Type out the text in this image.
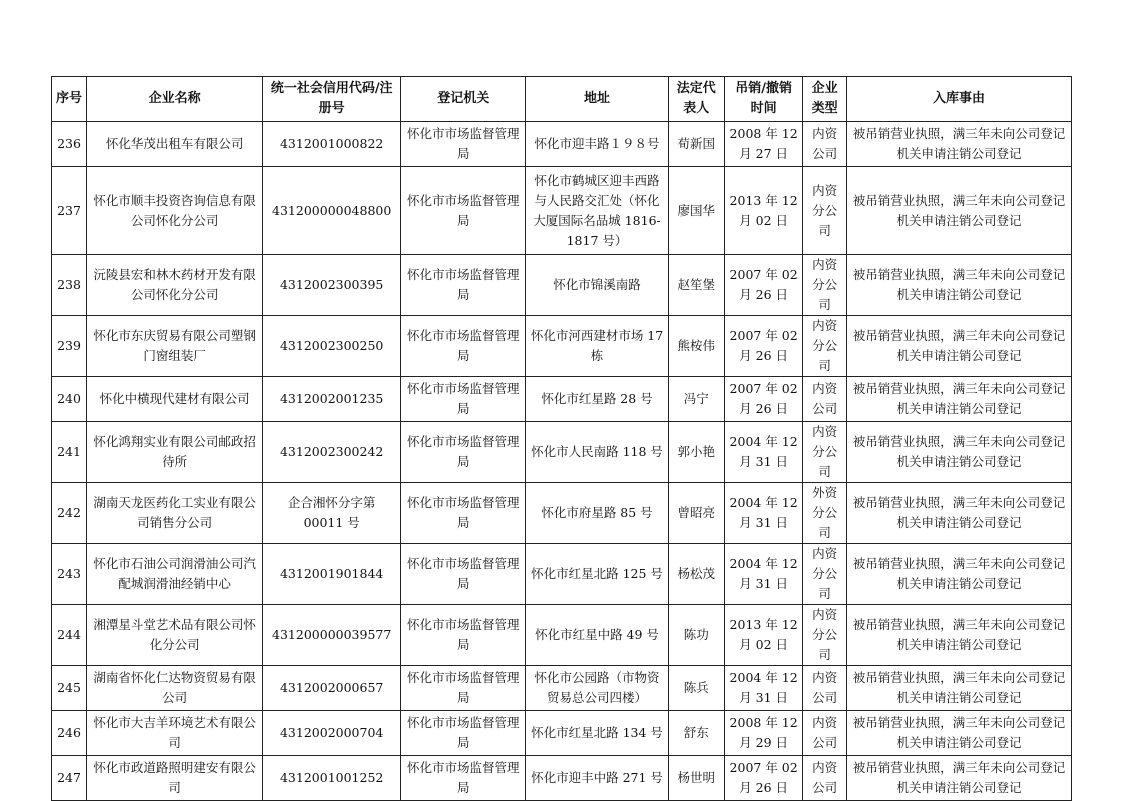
序号	企业名称	统一社会信用代码/注册号	登记机关	地址	法定代表人	吊销/撤销时间	企业类型	入库事由
236	怀化华茂出租车有限公司	4312001000822	怀化市市场监督管理局	怀化市迎丰路１９８号	荀新国	2008 年 12 月 27 日	内资公司	被吊销营业执照，满三年未向公司登记机关申请注销公司登记
237	怀化市顺丰投资咨询信息有限公司怀化分公司	431200000048800	怀化市市场监督管理局	怀化市鹤城区迎丰西路与人民路交汇处（怀化大厦国际名品城 1816-1817 号）	廖国华	2013 年 12 月 02 日	内资分公司	被吊销营业执照，满三年未向公司登记机关申请注销公司登记
238	沅陵县宏和林木药材开发有限公司怀化分公司	4312002300395	怀化市市场监督管理局	怀化市锦溪南路	赵笙堡	2007 年 02 月 26 日	内资分公司	被吊销营业执照，满三年未向公司登记机关申请注销公司登记
239	怀化市东庆贸易有限公司塑钢门窗组装厂	4312002300250	怀化市市场监督管理局	怀化市河西建材市场 17 栋	熊桉伟	2007 年 02 月 26 日	内资分公司	被吊销营业执照，满三年未向公司登记机关申请注销公司登记
240	怀化中横现代建材有限公司	4312002001235	怀化市市场监督管理局	怀化市红星路 28 号	冯宁	2007 年 02 月 26 日	内资公司	被吊销营业执照，满三年未向公司登记机关申请注销公司登记
241	怀化鸿翔实业有限公司邮政招待所	4312002300242	怀化市市场监督管理局	怀化市人民南路 118 号	郭小艳	2004 年 12 月 31 日	内资分公司	被吊销营业执照，满三年未向公司登记机关申请注销公司登记
242	湖南天龙医药化工实业有限公司销售分公司	企合湘怀分字第 00011 号	怀化市市场监督管理局	怀化市府星路 85 号	曾昭亮	2004 年 12 月 31 日	外资分公司	被吊销营业执照，满三年未向公司登记机关申请注销公司登记
243	怀化市石油公司润滑油公司汽配城润滑油经销中心	4312001901844	怀化市市场监督管理局	怀化市红星北路 125 号	杨松茂	2004 年 12 月 31 日	内资分公司	被吊销营业执照，满三年未向公司登记机关申请注销公司登记
244	湘潭星斗堂艺术品有限公司怀化分公司	431200000039577	怀化市市场监督管理局	怀化市红星中路 49 号	陈功	2013 年 12 月 02 日	内资分公司	被吊销营业执照，满三年未向公司登记机关申请注销公司登记
245	湖南省怀化仁达物资贸易有限公司	4312002000657	怀化市市场监督管理局	怀化市公园路（市物资贸易总公司四楼）	陈兵	2004 年 12 月 31 日	内资公司	被吊销营业执照，满三年未向公司登记机关申请注销公司登记
246	怀化市大吉羊环境艺术有限公司	4312002000704	怀化市市场监督管理局	怀化市红星北路 134 号	舒东	2008 年 12 月 29 日	内资公司	被吊销营业执照，满三年未向公司登记机关申请注销公司登记
247	怀化市政道路照明建安有限公司	4312001001252	怀化市市场监督管理局	怀化市迎丰中路 271 号	杨世明	2007 年 02 月 26 日	内资公司	被吊销营业执照，满三年未向公司登记机关申请注销公司登记
